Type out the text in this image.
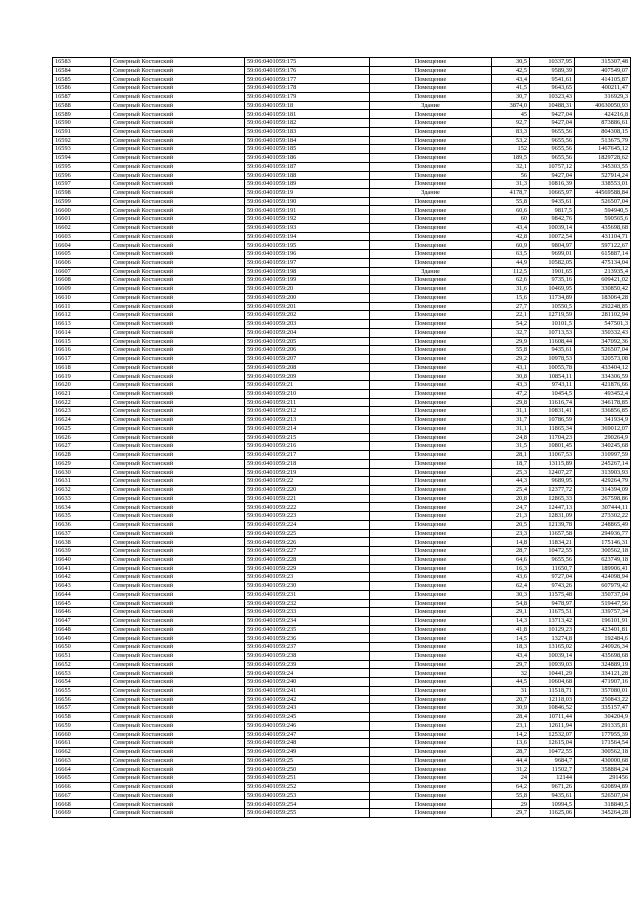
16583	Северный Костанский	59:06:0401059:175	Помещение	30,5	10337,95	315307,48
16584	Северный Костанский	59:06:0401059:176	Помещение	42,5	9589,39	407549,07
16585	Северный Костанский	59:06:0401059:177	Помещение	43,4	9541,61	414105,87
16586	Северный Костанский	59:06:0401059:178	Помещение	41,5	9643,65	400211,47
16587	Северный Костанский	59:06:0401059:179	Помещение	30,7	10323,43	316929,3
16588	Северный Костанский	59:06:0401059:18	Здание	3874,0	10488,31	40630050,93
16589	Северный Костанский	59:06:0401059:181	Помещение	45	9427,04	424216,8
16590	Северный Костанский	59:06:0401059:182	Помещение	92,7	9427,04	873886,61
16591	Северный Костанский	59:06:0401059:183	Помещение	83,3	9655,56	804308,15
16592	Северный Костанский	59:06:0401059:184	Помещение	53,2	9655,56	513675,79
16593	Северный Костанский	59:06:0401059:185	Помещение	152	9655,56	1467645,12
16594	Северный Костанский	59:06:0401059:186	Помещение	189,5	9655,56	1829728,62
16595	Северный Костанский	59:06:0401059:187	Помещение	32,1	10757,12	345303,55
16596	Северный Костанский	59:06:0401059:188	Помещение	56	9427,04	527914,24
16597	Северный Костанский	59:06:0401059:189	Помещение	31,3	10816,39	338553,01
16598	Северный Костанский	59:06:0401059:19	Здание	4178,7	10665,97	44569588,84
16599	Северный Костанский	59:06:0401059:190	Помещение	55,8	9435,61	526507,04
16600	Северный Костанский	59:06:0401059:191	Помещение	60,6	9817,5	594940,5
16601	Северный Костанский	59:06:0401059:192	Помещение	60	9842,76	590565,6
16602	Северный Костанский	59:06:0401059:193	Помещение	43,4	10039,14	435698,68
16603	Северный Костанский	59:06:0401059:194	Помещение	42,8	10072,54	431104,71
16604	Северный Костанский	59:06:0401059:195	Помещение	60,9	9804,97	597122,67
16605	Северный Костанский	59:06:0401059:196	Помещение	63,5	9699,01	615887,14
16606	Северный Костанский	59:06:0401059:197	Помещение	44,9	10582,05	475134,04
16607	Северный Костанский	59:06:0401059:198	Здание	112,5	1901,65	213935,4
16608	Северный Костанский	59:06:0401059:199	Помещение	62,6	9735,16	609421,02
16609	Северный Костанский	59:06:0401059:20	Помещение	31,6	10469,95	330850,42
16610	Северный Костанский	59:06:0401059:200	Помещение	15,6	11734,89	183064,28
16611	Северный Костанский	59:06:0401059:201	Помещение	27,7	10550,5	292248,85
16612	Северный Костанский	59:06:0401059:202	Помещение	22,1	12719,59	281102,94
16613	Северный Костанский	59:06:0401059:203	Помещение	54,2	10101,5	547501,3
16614	Северный Костанский	59:06:0401059:204	Помещение	32,7	10713,53	350332,43
16615	Северный Костанский	59:06:0401059:205	Помещение	29,9	11608,44	347092,36
16616	Северный Костанский	59:06:0401059:206	Помещение	55,8	9435,61	526507,04
16617	Северный Костанский	59:06:0401059:207	Помещение	29,2	10978,53	320573,08
16618	Северный Костанский	59:06:0401059:208	Помещение	43,1	10055,78	433404,12
16619	Северный Костанский	59:06:0401059:209	Помещение	30,8	10854,11	334306,59
16620	Северный Костанский	59:06:0401059:21	Помещение	43,3	9743,11	421876,66
16621	Северный Костанский	59:06:0401059:210	Помещение	47,2	10454,5	493452,4
16622	Северный Костанский	59:06:0401059:211	Помещение	29,8	11616,74	346178,85
16623	Северный Костанский	59:06:0401059:212	Помещение	31,1	10831,41	336856,85
16624	Северный Костанский	59:06:0401059:213	Помещение	31,7	10786,59	341934,9
16625	Северный Костанский	59:06:0401059:214	Помещение	31,1	11865,34	369012,07
16626	Северный Костанский	59:06:0401059:215	Помещение	24,8	11704,23	290264,9
16627	Северный Костанский	59:06:0401059:216	Помещение	31,5	10801,45	340245,68
16628	Северный Костанский	59:06:0401059:217	Помещение	28,1	11067,53	310997,59
16629	Северный Костанский	59:06:0401059:218	Помещение	18,7	13115,89	245267,14
16630	Северный Костанский	59:06:0401059:219	Помещение	25,3	12407,27	313903,93
16631	Северный Костанский	59:06:0401059:22	Помещение	44,3	9689,95	429264,79
16632	Северный Костанский	59:06:0401059:220	Помещение	25,4	12377,72	314394,09
16633	Северный Костанский	59:06:0401059:221	Помещение	20,8	12865,33	267598,86
16634	Северный Костанский	59:06:0401059:222	Помещение	24,7	12447,13	307444,11
16635	Северный Костанский	59:06:0401059:223	Помещение	21,3	12831,09	273302,22
16636	Северный Костанский	59:06:0401059:224	Помещение	20,5	12139,78	248865,49
16637	Северный Костанский	59:06:0401059:225	Помещение	23,3	11657,58	294936,77
16638	Северный Костанский	59:06:0401059:226	Помещение	14,8	11834,21	175146,31
16639	Северный Костанский	59:06:0401059:227	Помещение	28,7	10472,55	300562,18
16640	Северный Костанский	59:06:0401059:228	Помещение	64,6	9655,56	623749,18
16641	Северный Костанский	59:06:0401059:229	Помещение	16,3	11650,7	189906,41
16642	Северный Костанский	59:06:0401059:23	Помещение	43,6	9727,04	424098,94
16643	Северный Костанский	59:06:0401059:230	Помещение	62,4	9743,26	607979,42
16644	Северный Костанский	59:06:0401059:231	Помещение	30,3	11575,48	350737,04
16645	Северный Костанский	59:06:0401059:232	Помещение	54,8	9478,97	519447,56
16646	Северный Костанский	59:06:0401059:233	Помещение	29,1	11675,51	339757,34
16647	Северный Костанский	59:06:0401059:234	Помещение	14,3	13713,42	196101,91
16648	Северный Костанский	59:06:0401059:235	Помещение	41,8	10129,23	423401,81
16649	Северный Костанский	59:06:0401059:236	Помещение	14,5	13274,8	192484,6
16650	Северный Костанский	59:06:0401059:237	Помещение	18,3	13165,02	240926,34
16651	Северный Костанский	59:06:0401059:238	Помещение	43,4	10039,14	435698,68
16652	Северный Костанский	59:06:0401059:239	Помещение	29,7	10939,03	324889,19
16653	Северный Костанский	59:06:0401059:24	Помещение	32	10441,29	334121,28
16654	Северный Костанский	59:06:0401059:240	Помещение	44,5	10604,68	471907,16
16655	Северный Костанский	59:06:0401059:241	Помещение	31	11518,71	357080,01
16656	Северный Костанский	59:06:0401059:242	Помещение	20,7	12118,03	250843,22
16657	Северный Костанский	59:06:0401059:243	Помещение	30,9	10846,52	335157,47
16658	Северный Костанский	59:06:0401059:245	Помещение	28,4	10711,44	304204,9
16659	Северный Костанский	59:06:0401059:246	Помещение	23,1	12611,94	291335,81
16660	Северный Костанский	59:06:0401059:247	Помещение	14,2	12532,07	177955,39
16661	Северный Костанский	59:06:0401059:248	Помещение	13,6	12615,04	171564,54
16662	Северный Костанский	59:06:0401059:249	Помещение	28,7	10472,55	300562,18
16663	Северный Костанский	59:06:0401059:25	Помещение	44,4	9684,7	430000,68
16664	Северный Костанский	59:06:0401059:250	Помещение	31,2	11502,7	358884,24
16665	Северный Костанский	59:06:0401059:251	Помещение	24	12144	291456
16666	Северный Костанский	59:06:0401059:252	Помещение	64,2	9671,26	620894,89
16667	Северный Костанский	59:06:0401059:253	Помещение	55,8	9435,61	526507,04
16668	Северный Костанский	59:06:0401059:254	Помещение	29	10994,5	318840,5
16669	Северный Костанский	59:06:0401059:255	Помещение	29,7	11625,06	345264,28
